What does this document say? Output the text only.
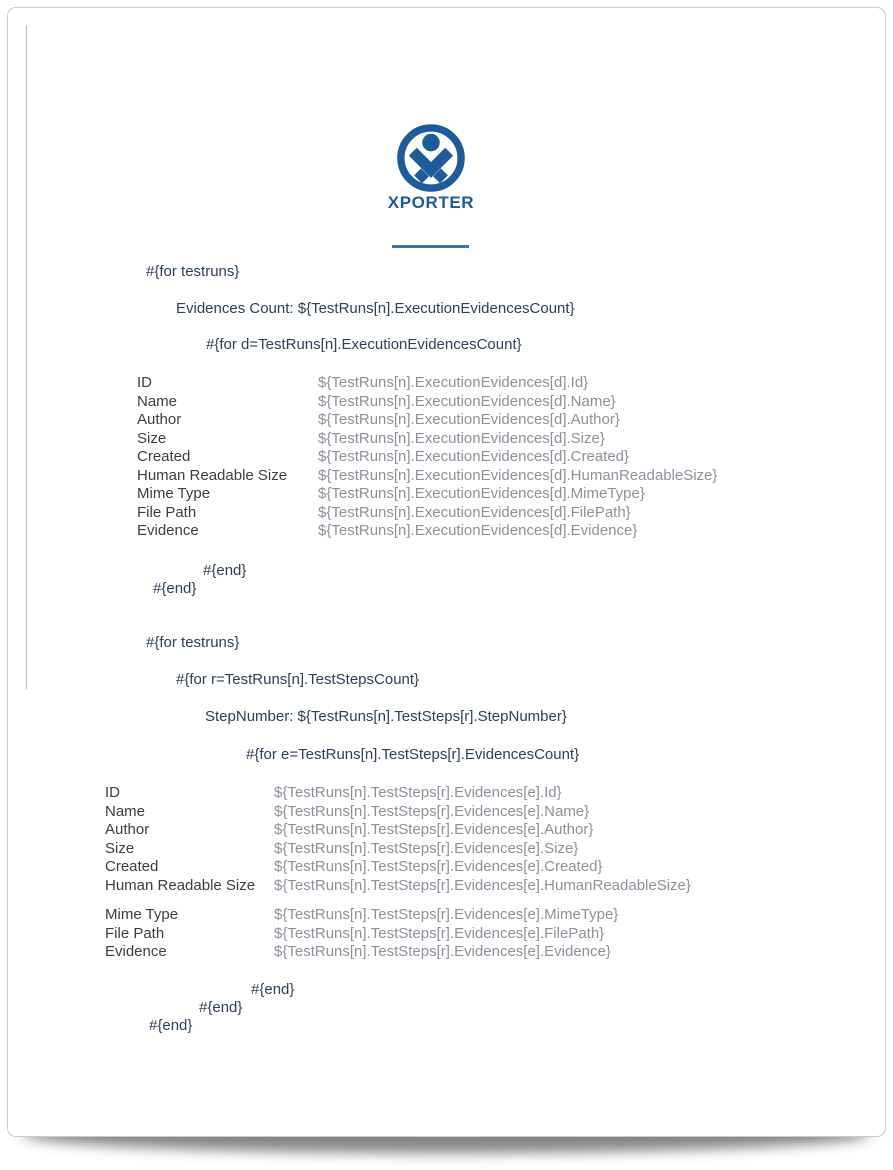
XPORTER
#{for testruns}
Evidences Count: ${TestRuns[n].ExecutionEvidencesCount}
#{for d=TestRuns[n].ExecutionEvidencesCount}
ID	${TestRuns[n].ExecutionEvidences[d].Id}
Name	${TestRuns[n].ExecutionEvidences[d].Name}
Author	${TestRuns[n].ExecutionEvidences[d].Author}
Size	${TestRuns[n].ExecutionEvidences[d].Size}
Created	${TestRuns[n].ExecutionEvidences[d].Created}
Human Readable Size	${TestRuns[n].ExecutionEvidences[d].HumanReadableSize}
Mime Type	${TestRuns[n].ExecutionEvidences[d].MimeType}
File Path	${TestRuns[n].ExecutionEvidences[d].FilePath}
Evidence	${TestRuns[n].ExecutionEvidences[d].Evidence}
#{end}
#{end}
#{for testruns}
#{for r=TestRuns[n].TestStepsCount}
StepNumber: ${TestRuns[n].TestSteps[r].StepNumber}
#{for e=TestRuns[n].TestSteps[r].EvidencesCount}
ID	${TestRuns[n].TestSteps[r].Evidences[e].Id}
Name	${TestRuns[n].TestSteps[r].Evidences[e].Name}
Author	${TestRuns[n].TestSteps[r].Evidences[e].Author}
Size	${TestRuns[n].TestSteps[r].Evidences[e].Size}
Created	${TestRuns[n].TestSteps[r].Evidences[e].Created}
Human Readable Size	${TestRuns[n].TestSteps[r].Evidences[e].HumanReadableSize}
Mime Type	${TestRuns[n].TestSteps[r].Evidences[e].MimeType}
File Path	${TestRuns[n].TestSteps[r].Evidences[e].FilePath}
Evidence	${TestRuns[n].TestSteps[r].Evidences[e].Evidence}
#{end}
#{end}
#{end}
